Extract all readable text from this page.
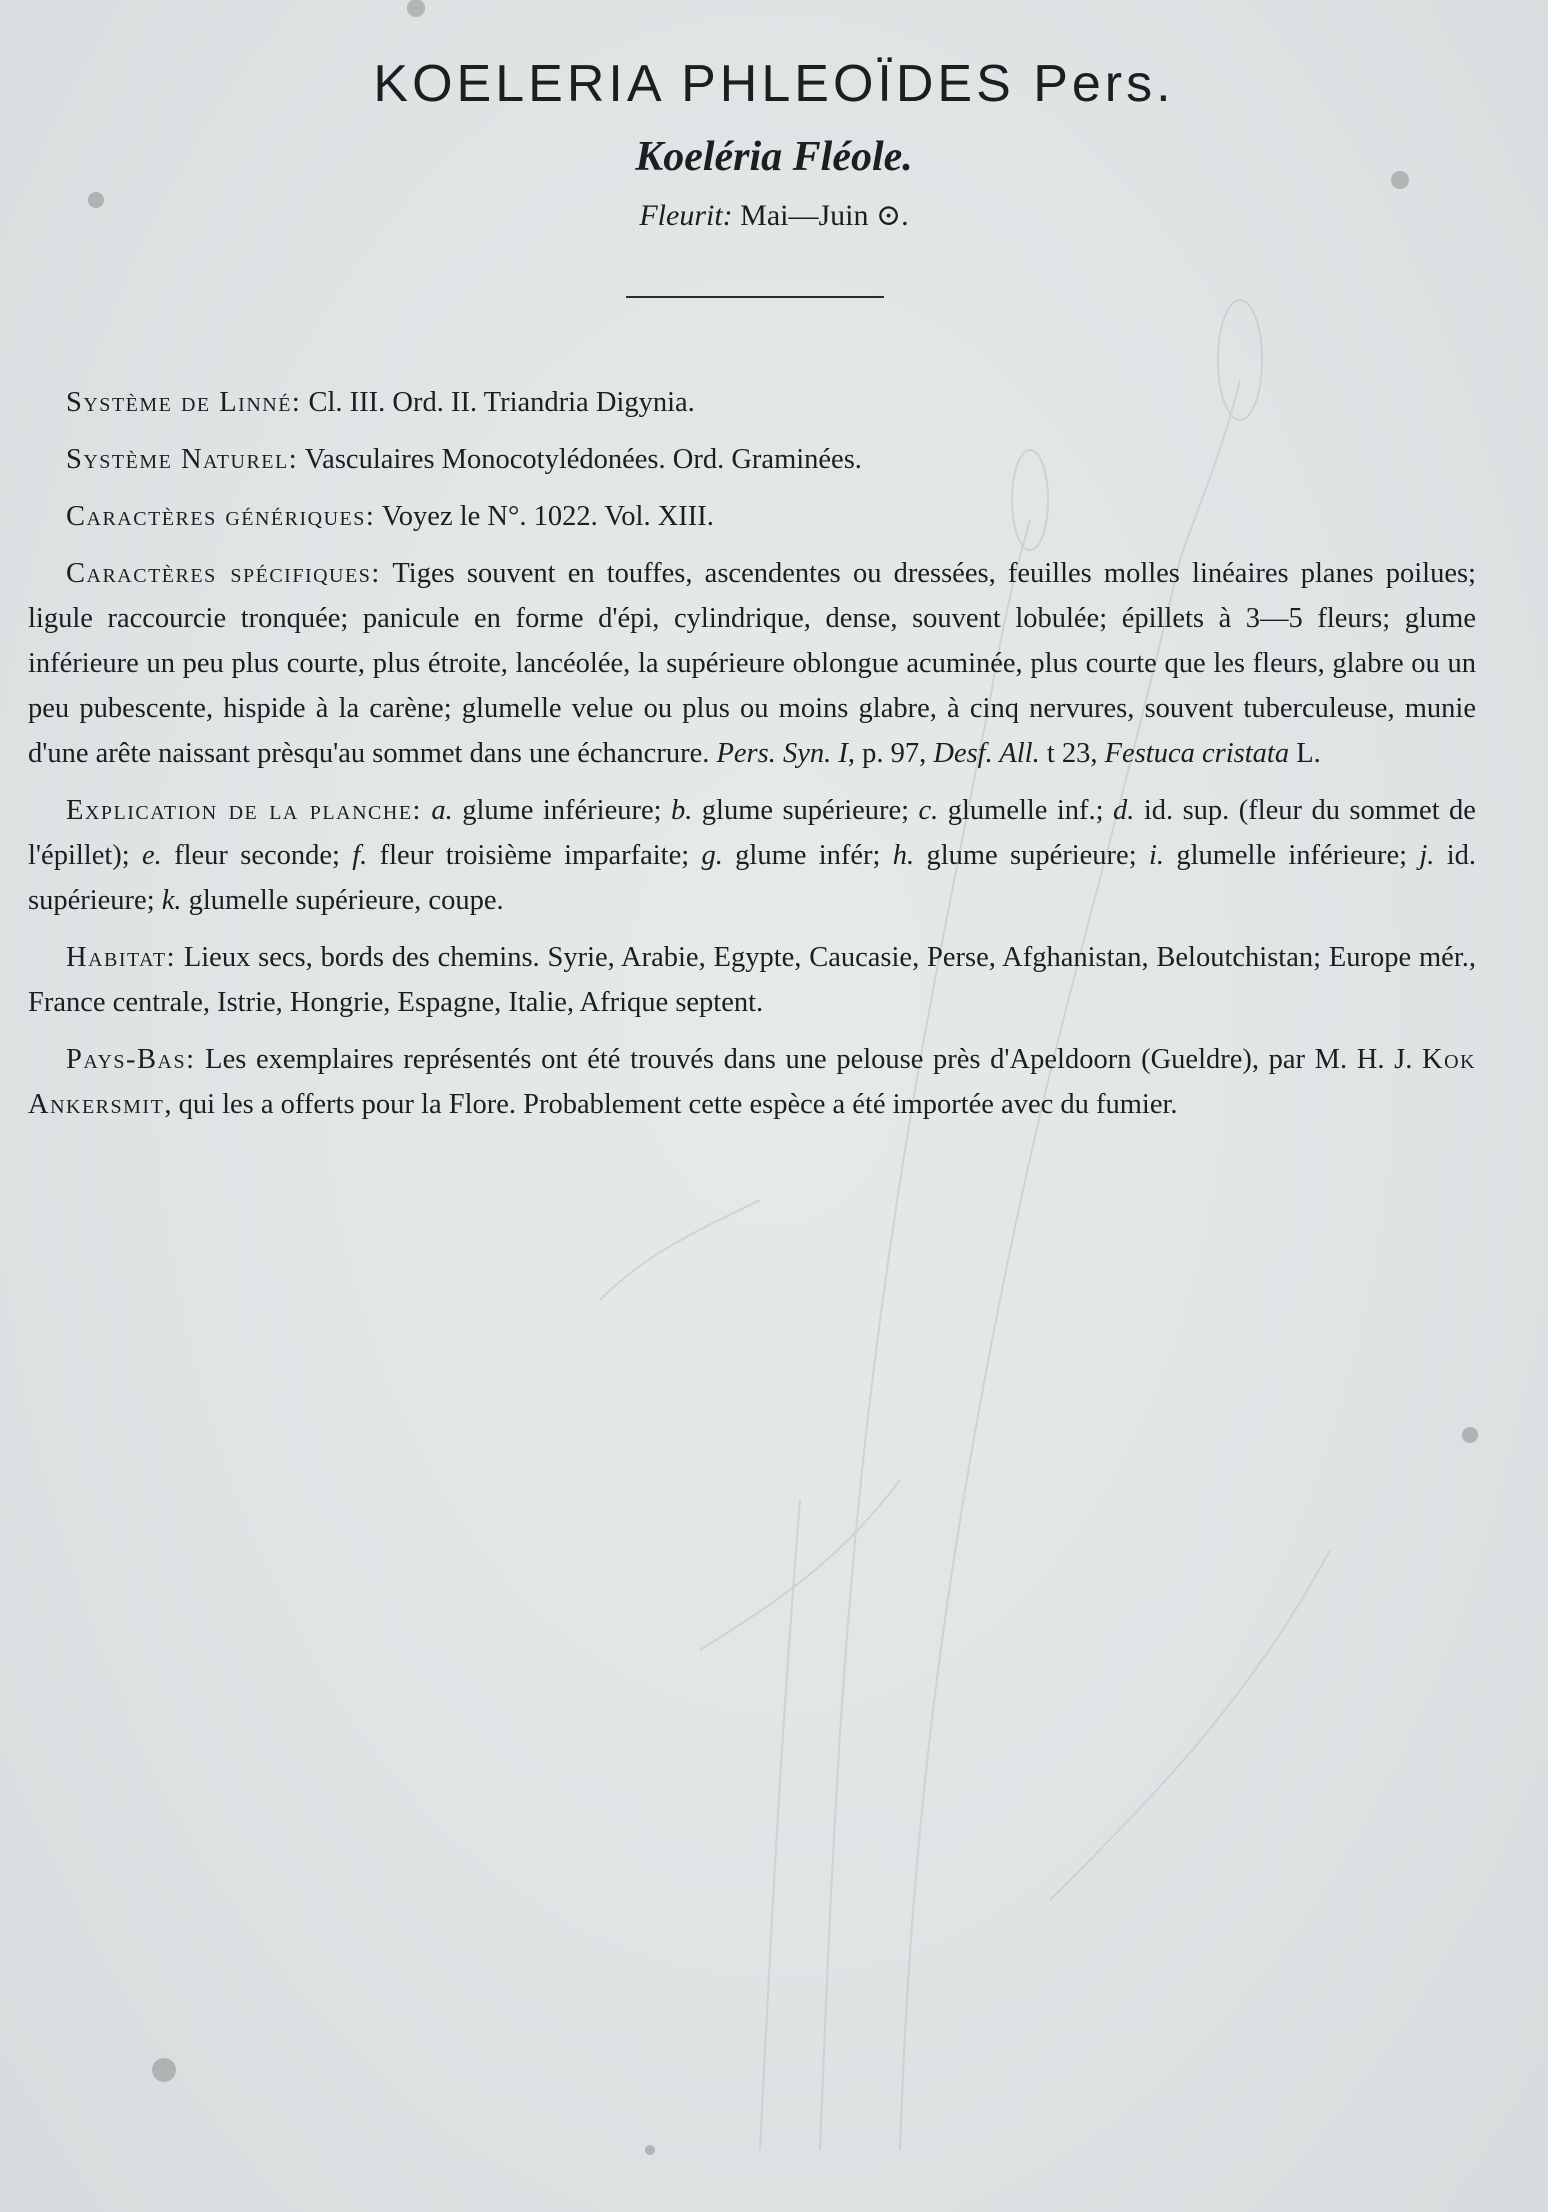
KOELERIA PHLEOÏDES Pers.
Koeléria Fléole.
Fleurit: Mai—Juin ⊙.

Système de Linné: Cl. III. Ord. II. Triandria Digynia.

Système Naturel: Vasculaires Monocotylédonées. Ord. Graminées.

Caractères génériques: Voyez le N°. 1022. Vol. XIII.

Caractères spécifiques: Tiges souvent en touffes, ascendentes ou dressées, feuilles molles linéaires planes poilues; ligule raccourcie tronquée; panicule en forme d'épi, cylindrique, dense, souvent lobulée; épillets à 3—5 fleurs; glume inférieure un peu plus courte, plus étroite, lancéolée, la supérieure oblongue acuminée, plus courte que les fleurs, glabre ou un peu pubescente, hispide à la carène; glumelle velue ou plus ou moins glabre, à cinq nervures, souvent tuberculeuse, munie d'une arête naissant prèsqu'au sommet dans une échancrure. Pers. Syn. I, p. 97, Desf. All. t 23, Festuca cristata L.

Explication de la planche: a. glume inférieure; b. glume supérieure; c. glumelle inf.; d. id. sup. (fleur du sommet de l'épillet); e. fleur seconde; f. fleur troisième imparfaite; g. glume infér; h. glume supérieure; i. glumelle inférieure; j. id. supérieure; k. glumelle supérieure, coupe.

Habitat: Lieux secs, bords des chemins. Syrie, Arabie, Egypte, Caucasie, Perse, Afghanistan, Beloutchistan; Europe mér., France centrale, Istrie, Hongrie, Espagne, Italie, Afrique septent.

Pays-Bas: Les exemplaires représentés ont été trouvés dans une pelouse près d'Apeldoorn (Gueldre), par M. H. J. Kok Ankersmit, qui les a offerts pour la Flore. Probablement cette espèce a été importée avec du fumier.
